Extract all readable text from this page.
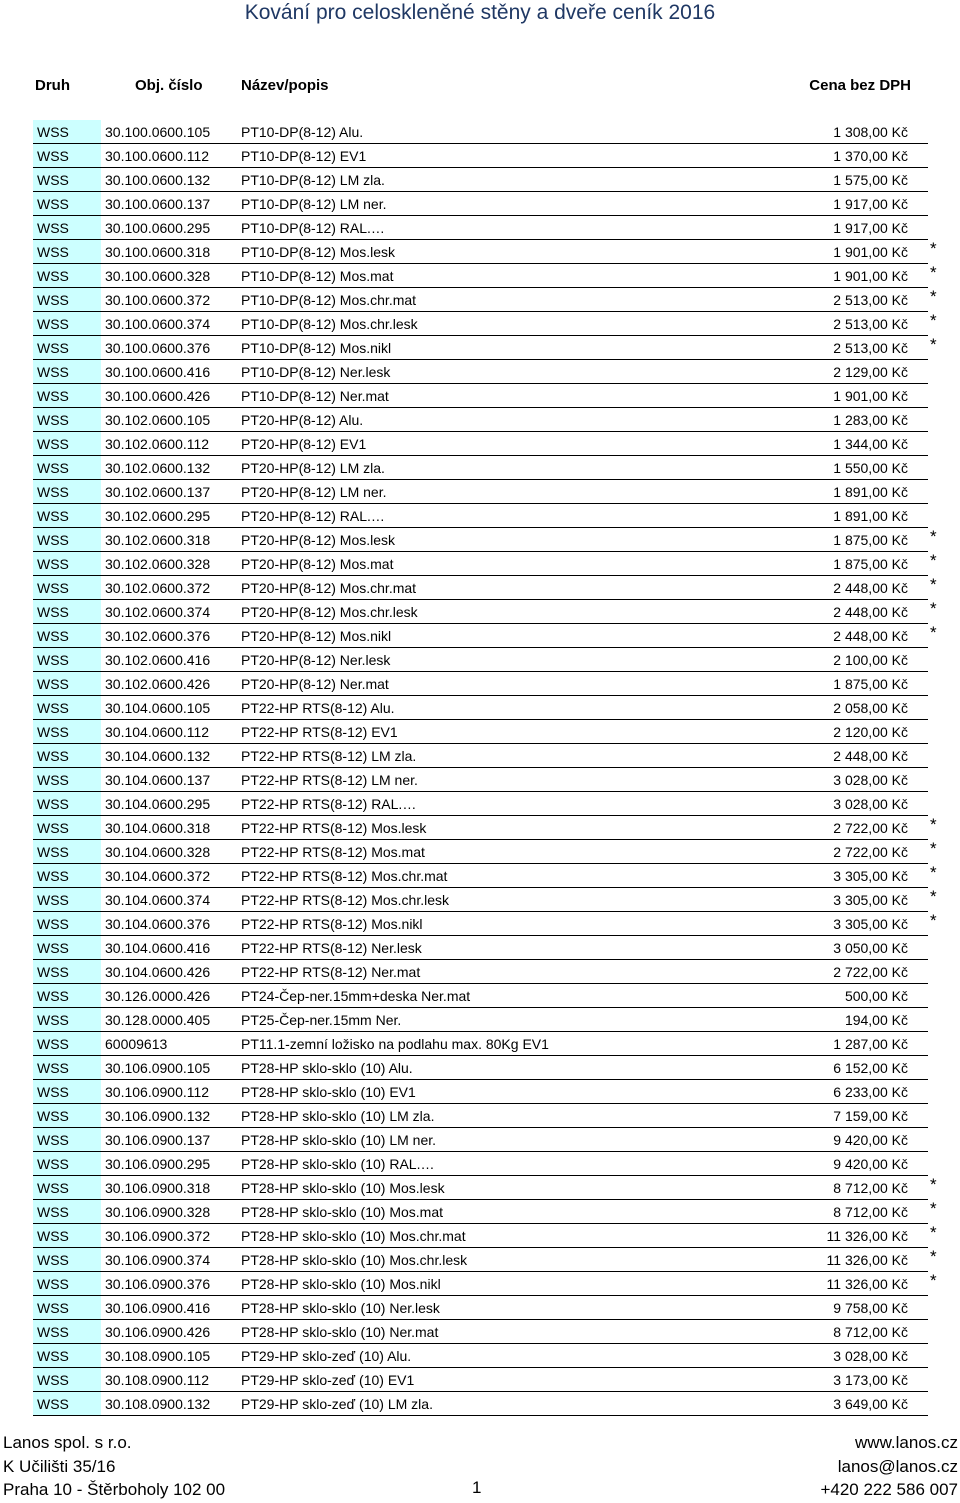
Kování pro celoskleněné stěny a dveře ceník 2016
Druh	Obj. číslo	Název/popis	Cena bez DPH
WSS	30.100.0600.105 PT10-DP(8-12) Alu.	1 308,00 Kč
WSS	30.100.0600.112 PT10-DP(8-12) EV1	1 370,00 Kč
WSS	30.100.0600.132 PT10-DP(8-12) LM zla.	1 575,00 Kč
WSS	30.100.0600.137 PT10-DP(8-12) LM ner.	1 917,00 Kč
WSS	30.100.0600.295 PT10-DP(8-12) RAL.…	1 917,00 Kč
WSS	30.100.0600.318 PT10-DP(8-12) Mos.lesk	1 901,00 Kč *
WSS	30.100.0600.328 PT10-DP(8-12) Mos.mat	1 901,00 Kč *
WSS	30.100.0600.372 PT10-DP(8-12) Mos.chr.mat	2 513,00 Kč *
WSS	30.100.0600.374 PT10-DP(8-12) Mos.chr.lesk	2 513,00 Kč *
WSS	30.100.0600.376 PT10-DP(8-12) Mos.nikl	2 513,00 Kč *
WSS	30.100.0600.416 PT10-DP(8-12) Ner.lesk	2 129,00 Kč
WSS	30.100.0600.426 PT10-DP(8-12) Ner.mat	1 901,00 Kč
WSS	30.102.0600.105 PT20-HP(8-12) Alu.	1 283,00 Kč
WSS	30.102.0600.112 PT20-HP(8-12) EV1	1 344,00 Kč
WSS	30.102.0600.132 PT20-HP(8-12) LM zla.	1 550,00 Kč
WSS	30.102.0600.137 PT20-HP(8-12) LM ner.	1 891,00 Kč
WSS	30.102.0600.295 PT20-HP(8-12) RAL.…	1 891,00 Kč
WSS	30.102.0600.318 PT20-HP(8-12) Mos.lesk	1 875,00 Kč *
WSS	30.102.0600.328 PT20-HP(8-12) Mos.mat	1 875,00 Kč *
WSS	30.102.0600.372 PT20-HP(8-12) Mos.chr.mat	2 448,00 Kč *
WSS	30.102.0600.374 PT20-HP(8-12) Mos.chr.lesk	2 448,00 Kč *
WSS	30.102.0600.376 PT20-HP(8-12) Mos.nikl	2 448,00 Kč *
WSS	30.102.0600.416 PT20-HP(8-12) Ner.lesk	2 100,00 Kč
WSS	30.102.0600.426 PT20-HP(8-12) Ner.mat	1 875,00 Kč
WSS	30.104.0600.105 PT22-HP RTS(8-12) Alu.	2 058,00 Kč
WSS	30.104.0600.112 PT22-HP RTS(8-12) EV1	2 120,00 Kč
WSS	30.104.0600.132 PT22-HP RTS(8-12) LM zla.	2 448,00 Kč
WSS	30.104.0600.137 PT22-HP RTS(8-12) LM ner.	3 028,00 Kč
WSS	30.104.0600.295 PT22-HP RTS(8-12) RAL.…	3 028,00 Kč
WSS	30.104.0600.318 PT22-HP RTS(8-12) Mos.lesk	2 722,00 Kč *
WSS	30.104.0600.328 PT22-HP RTS(8-12) Mos.mat	2 722,00 Kč *
WSS	30.104.0600.372 PT22-HP RTS(8-12) Mos.chr.mat	3 305,00 Kč *
WSS	30.104.0600.374 PT22-HP RTS(8-12) Mos.chr.lesk	3 305,00 Kč *
WSS	30.104.0600.376 PT22-HP RTS(8-12) Mos.nikl	3 305,00 Kč *
WSS	30.104.0600.416 PT22-HP RTS(8-12) Ner.lesk	3 050,00 Kč
WSS	30.104.0600.426 PT22-HP RTS(8-12) Ner.mat	2 722,00 Kč
WSS	30.126.0000.426 PT24-Čep-ner.15mm+deska Ner.mat	500,00 Kč
WSS	30.128.0000.405 PT25-Čep-ner.15mm Ner.	194,00 Kč
WSS	60009613	PT11.1-zemní ložisko na podlahu max. 80Kg EV1	1 287,00 Kč
WSS	30.106.0900.105 PT28-HP sklo-sklo (10) Alu.	6 152,00 Kč
WSS	30.106.0900.112 PT28-HP sklo-sklo (10) EV1	6 233,00 Kč
WSS	30.106.0900.132 PT28-HP sklo-sklo (10) LM zla.	7 159,00 Kč
WSS	30.106.0900.137 PT28-HP sklo-sklo (10) LM ner.	9 420,00 Kč
WSS	30.106.0900.295 PT28-HP sklo-sklo (10) RAL.…	9 420,00 Kč
WSS	30.106.0900.318 PT28-HP sklo-sklo (10) Mos.lesk	8 712,00 Kč *
WSS	30.106.0900.328 PT28-HP sklo-sklo (10) Mos.mat	8 712,00 Kč *
WSS	30.106.0900.372 PT28-HP sklo-sklo (10) Mos.chr.mat	11 326,00 Kč *
WSS	30.106.0900.374 PT28-HP sklo-sklo (10) Mos.chr.lesk	11 326,00 Kč *
WSS	30.106.0900.376 PT28-HP sklo-sklo (10) Mos.nikl	11 326,00 Kč *
WSS	30.106.0900.416 PT28-HP sklo-sklo (10) Ner.lesk	9 758,00 Kč
WSS	30.106.0900.426 PT28-HP sklo-sklo (10) Ner.mat	8 712,00 Kč
WSS	30.108.0900.105 PT29-HP sklo-zeď (10) Alu.	3 028,00 Kč
WSS	30.108.0900.112 PT29-HP sklo-zeď (10) EV1	3 173,00 Kč
WSS	30.108.0900.132 PT29-HP sklo-zeď (10) LM zla.	3 649,00 Kč
Lanos spol. s r.o.
K Učilišti 35/16
Praha 10 - Štěrboholy 102 00	1
www.lanos.cz
lanos@lanos.cz
+420 222 586 007
